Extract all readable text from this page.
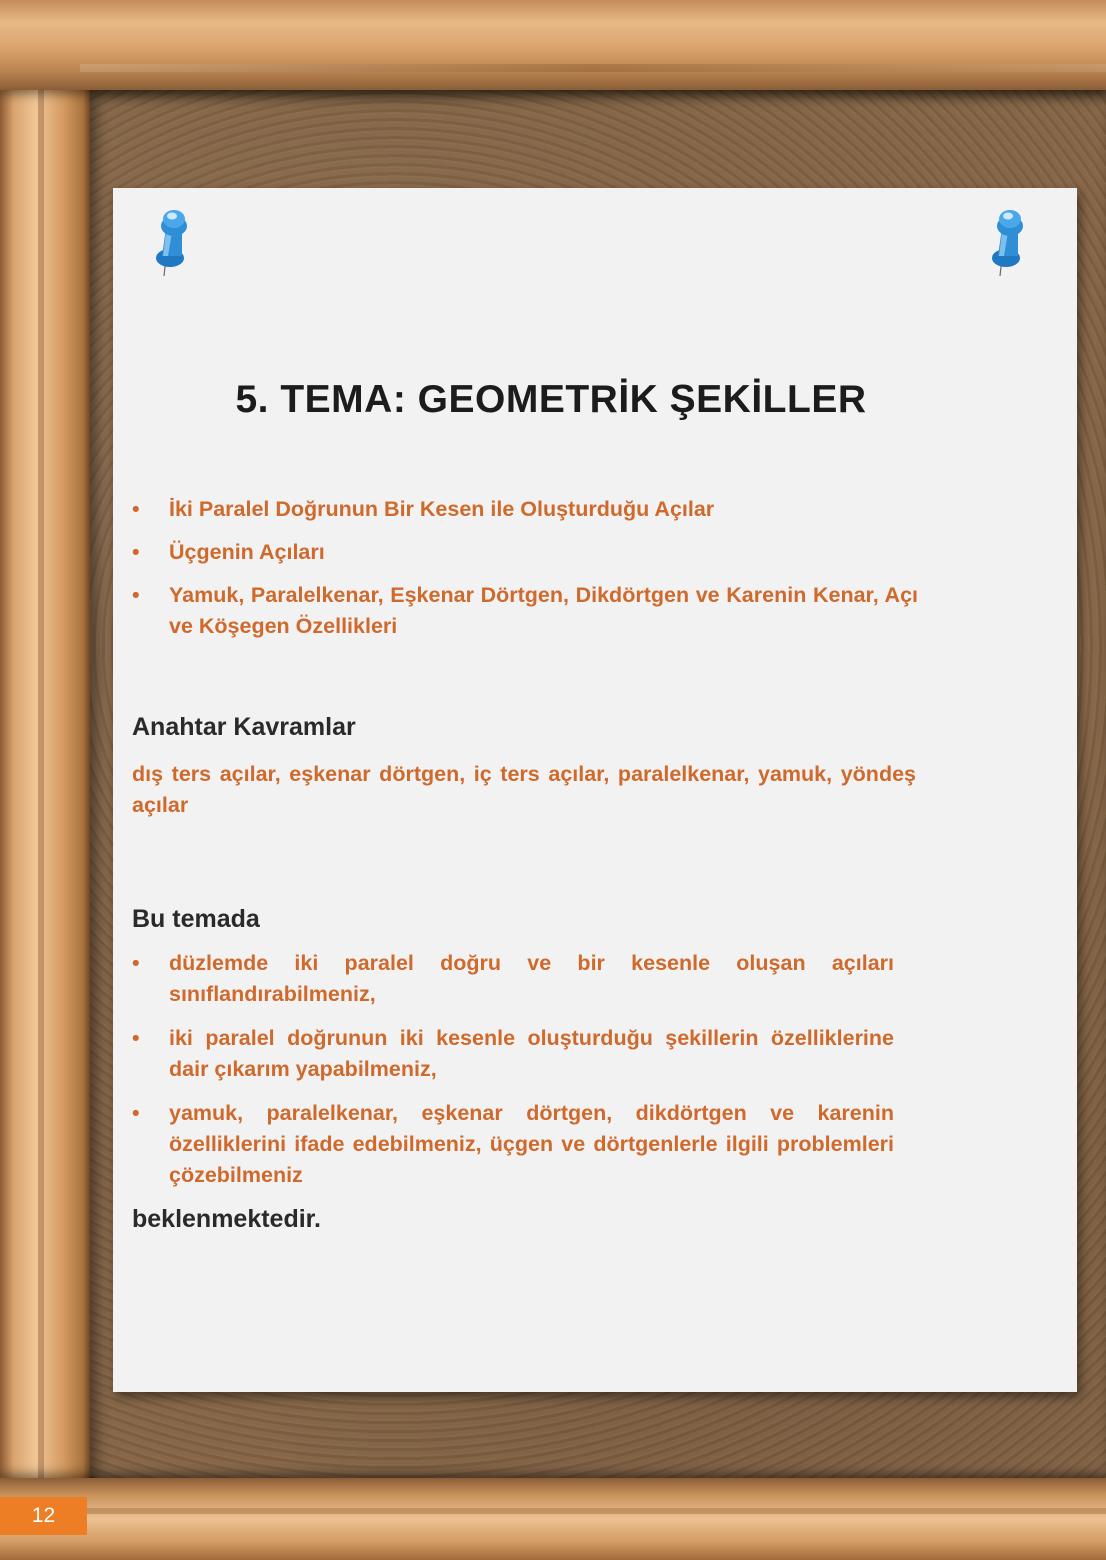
5. TEMA: GEOMETRİK ŞEKİLLER
• İki Paralel Doğrunun Bir Kesen ile Oluşturduğu Açılar
• Üçgenin Açıları
• Yamuk, Paralelkenar, Eşkenar Dörtgen, Dikdörtgen ve Karenin Kenar, Açı ve Köşegen Özellikleri
Anahtar Kavramlar

dış ters açılar, eşkenar dörtgen, iç ters açılar, paralelkenar, yamuk, yöndeş açılar

Bu temada
• düzlemde iki paralel doğru ve bir kesenle oluşan açıları sınıflandırabilmeniz,
• iki paralel doğrunun iki kesenle oluşturduğu şekillerin özelliklerine dair çıkarım yapabilmeniz,
• yamuk, paralelkenar, eşkenar dörtgen, dikdörtgen ve karenin özelliklerini ifade edebilmeniz, üçgen ve dörtgenlerle ilgili problemleri çözebilmeniz

beklenmektedir.

12
